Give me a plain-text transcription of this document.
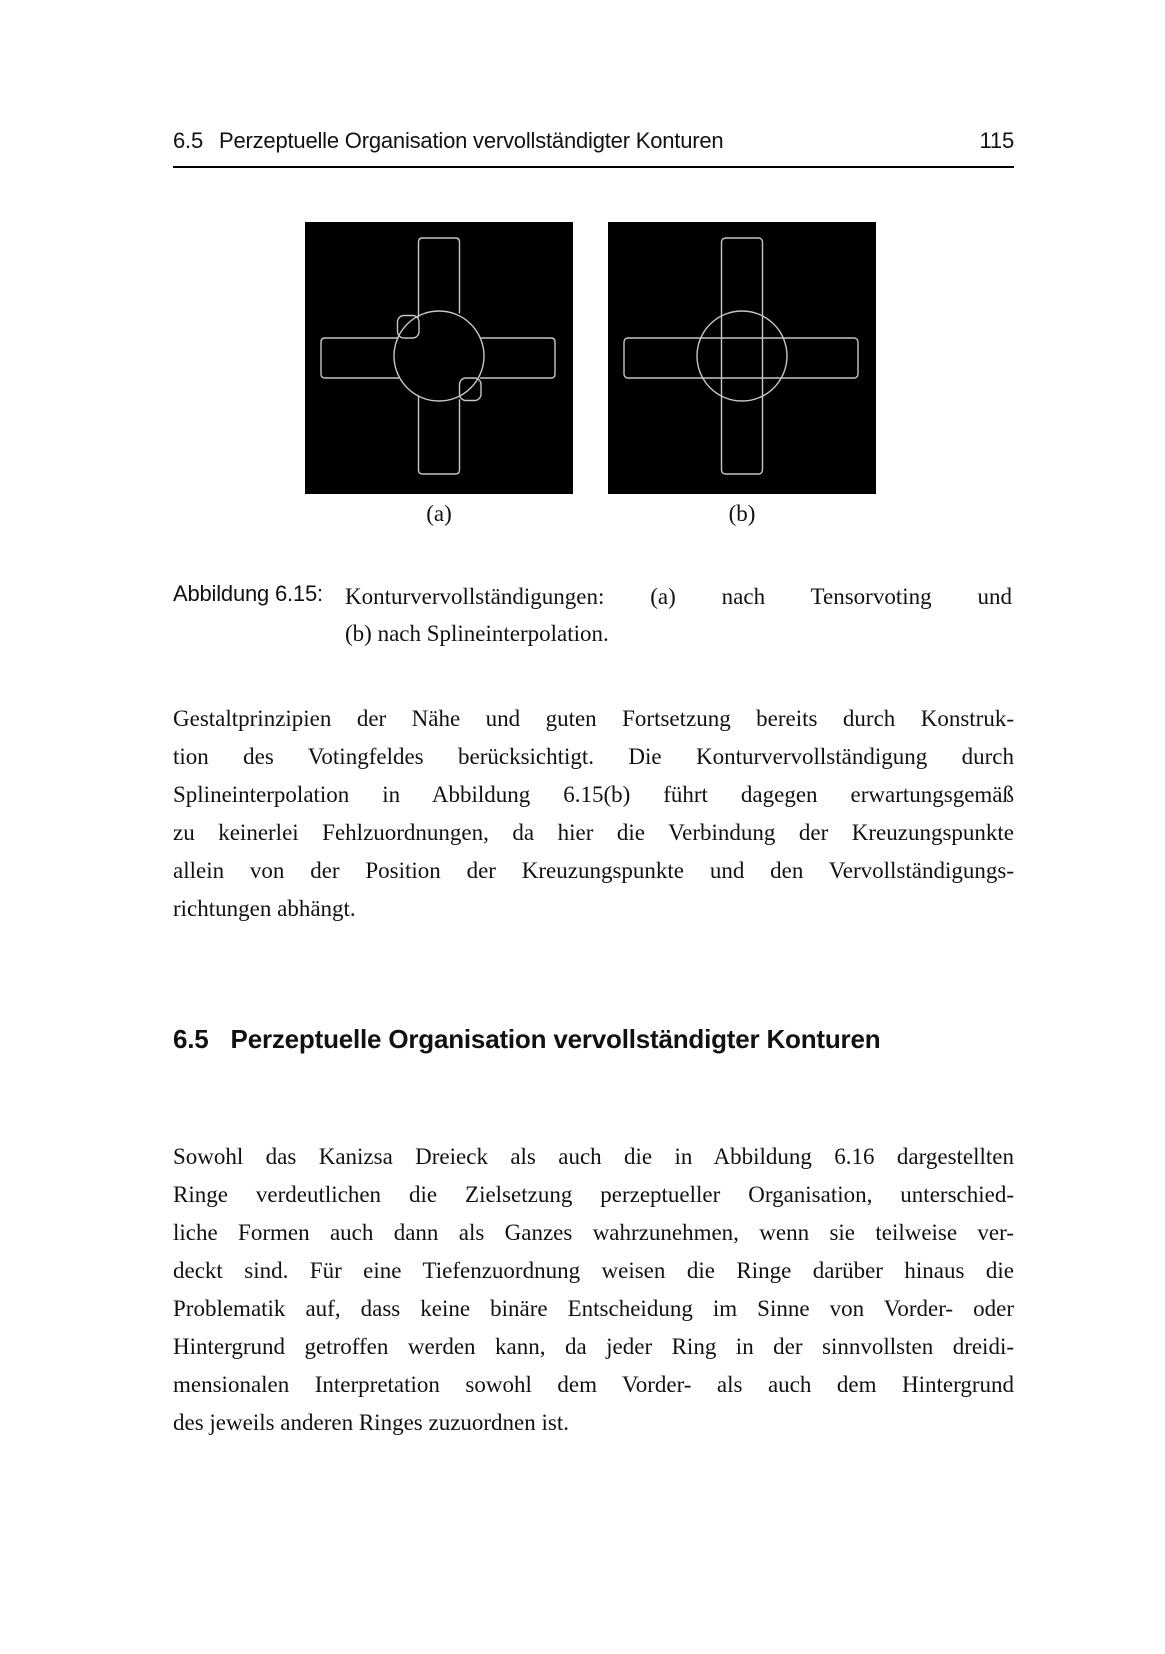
6.5 Perzeptuelle Organisation vervollständigter Konturen	115
(a)	(b)
Abbildung 6.15: Konturvervollständigungen: (a) nach Tensorvoting und
(b) nach Splineinterpolation.
Gestaltprinzipien der Nähe und guten Fortsetzung bereits durch Konstruk-
tion des Votingfeldes berücksichtigt. Die Konturvervollständigung durch
Splineinterpolation in Abbildung 6.15(b) führt dagegen erwartungsgemäß
zu keinerlei Fehlzuordnungen, da hier die Verbindung der Kreuzungspunkte
allein von der Position der Kreuzungspunkte und den Vervollständigungs-
richtungen abhängt.
6.5 Perzeptuelle Organisation vervollständigter Konturen
Sowohl das Kanizsa Dreieck als auch die in Abbildung 6.16 dargestellten
Ringe verdeutlichen die Zielsetzung perzeptueller Organisation, unterschied-
liche Formen auch dann als Ganzes wahrzunehmen, wenn sie teilweise ver-
deckt sind. Für eine Tiefenzuordnung weisen die Ringe darüber hinaus die
Problematik auf, dass keine binäre Entscheidung im Sinne von Vorder- oder
Hintergrund getroffen werden kann, da jeder Ring in der sinnvollsten dreidi-
mensionalen Interpretation sowohl dem Vorder- als auch dem Hintergrund
des jeweils anderen Ringes zuzuordnen ist.
